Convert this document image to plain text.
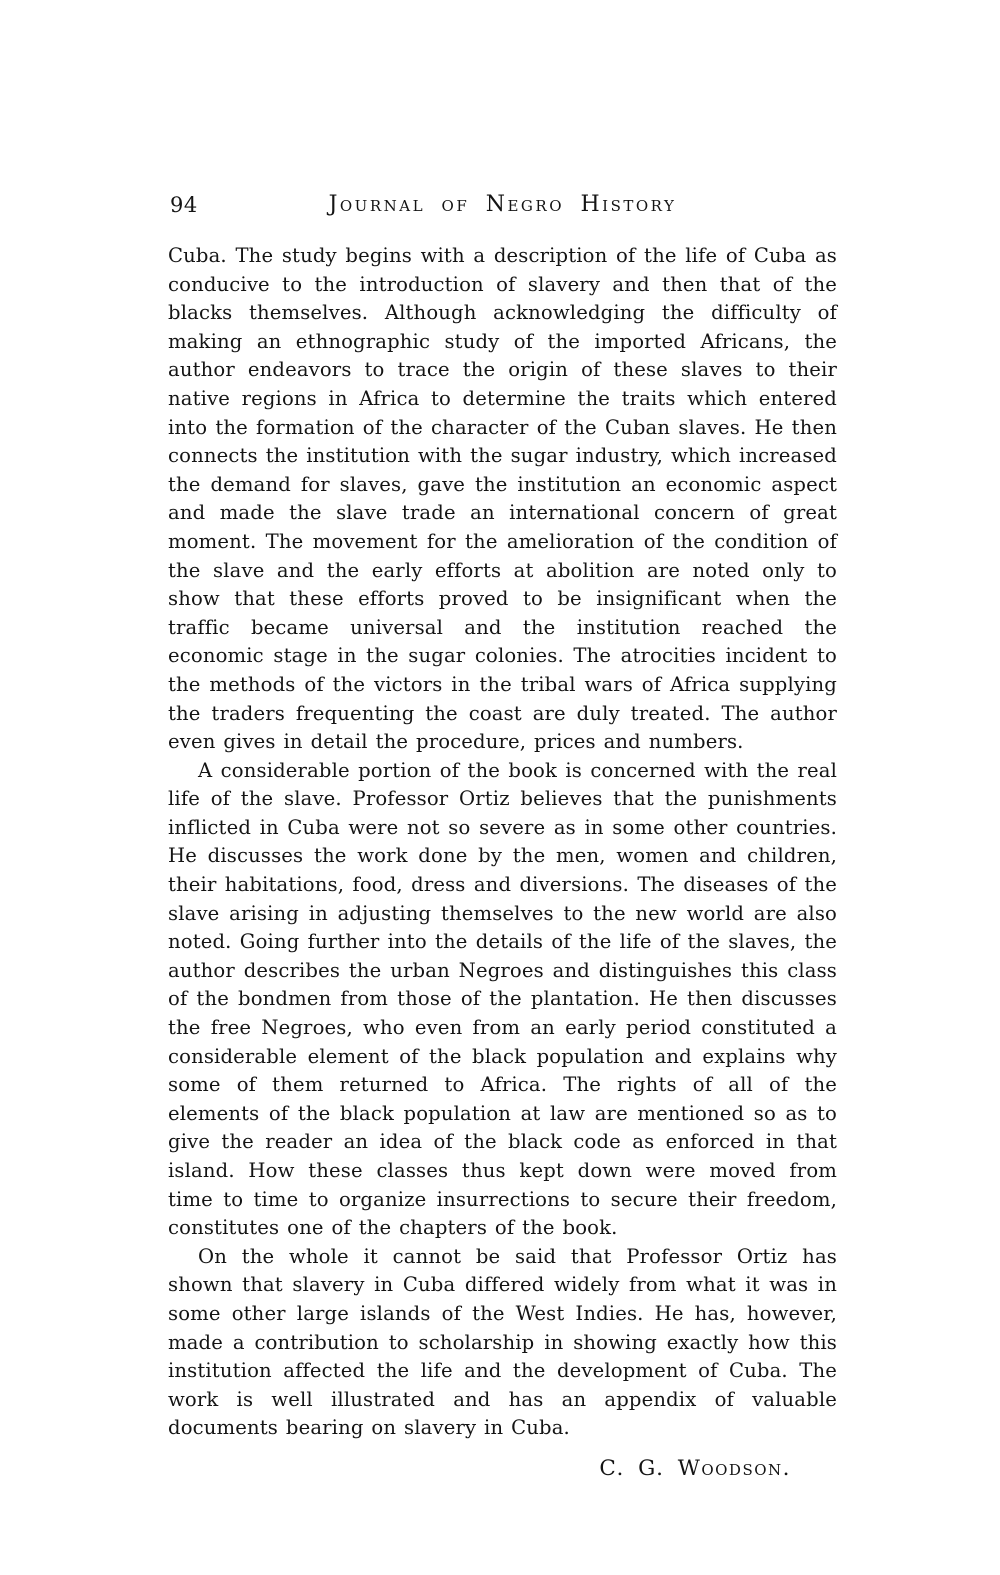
94	Journal of Negro History

Cuba. The study begins with a description of the life of Cuba as conducive to the introduction of slavery and then that of the blacks themselves. Although acknowledging the difficulty of making an ethnographic study of the imported Africans, the author endeavors to trace the origin of these slaves to their native regions in Africa to determine the traits which entered into the formation of the character of the Cuban slaves. He then connects the institution with the sugar industry, which increased the demand for slaves, gave the institution an economic aspect and made the slave trade an international concern of great moment. The movement for the amelioration of the condition of the slave and the early efforts at abolition are noted only to show that these efforts proved to be insignificant when the traffic became universal and the institution reached the economic stage in the sugar colonies. The atrocities incident to the methods of the victors in the tribal wars of Africa supplying the traders frequenting the coast are duly treated. The author even gives in detail the procedure, prices and numbers.

A considerable portion of the book is concerned with the real life of the slave. Professor Ortiz believes that the punishments inflicted in Cuba were not so severe as in some other countries. He discusses the work done by the men, women and children, their habitations, food, dress and diversions. The diseases of the slave arising in adjusting themselves to the new world are also noted. Going further into the details of the life of the slaves, the author describes the urban Negroes and distinguishes this class of the bondmen from those of the plantation. He then discusses the free Negroes, who even from an early period constituted a considerable element of the black population and explains why some of them returned to Africa. The rights of all of the elements of the black population at law are mentioned so as to give the reader an idea of the black code as enforced in that island. How these classes thus kept down were moved from time to time to organize insurrections to secure their freedom, constitutes one of the chapters of the book.

On the whole it cannot be said that Professor Ortiz has shown that slavery in Cuba differed widely from what it was in some other large islands of the West Indies. He has, however, made a contribution to scholarship in showing exactly how this institution affected the life and the development of Cuba. The work is well illustrated and has an appendix of valuable documents bearing on slavery in Cuba.

C. G. Woodson.
